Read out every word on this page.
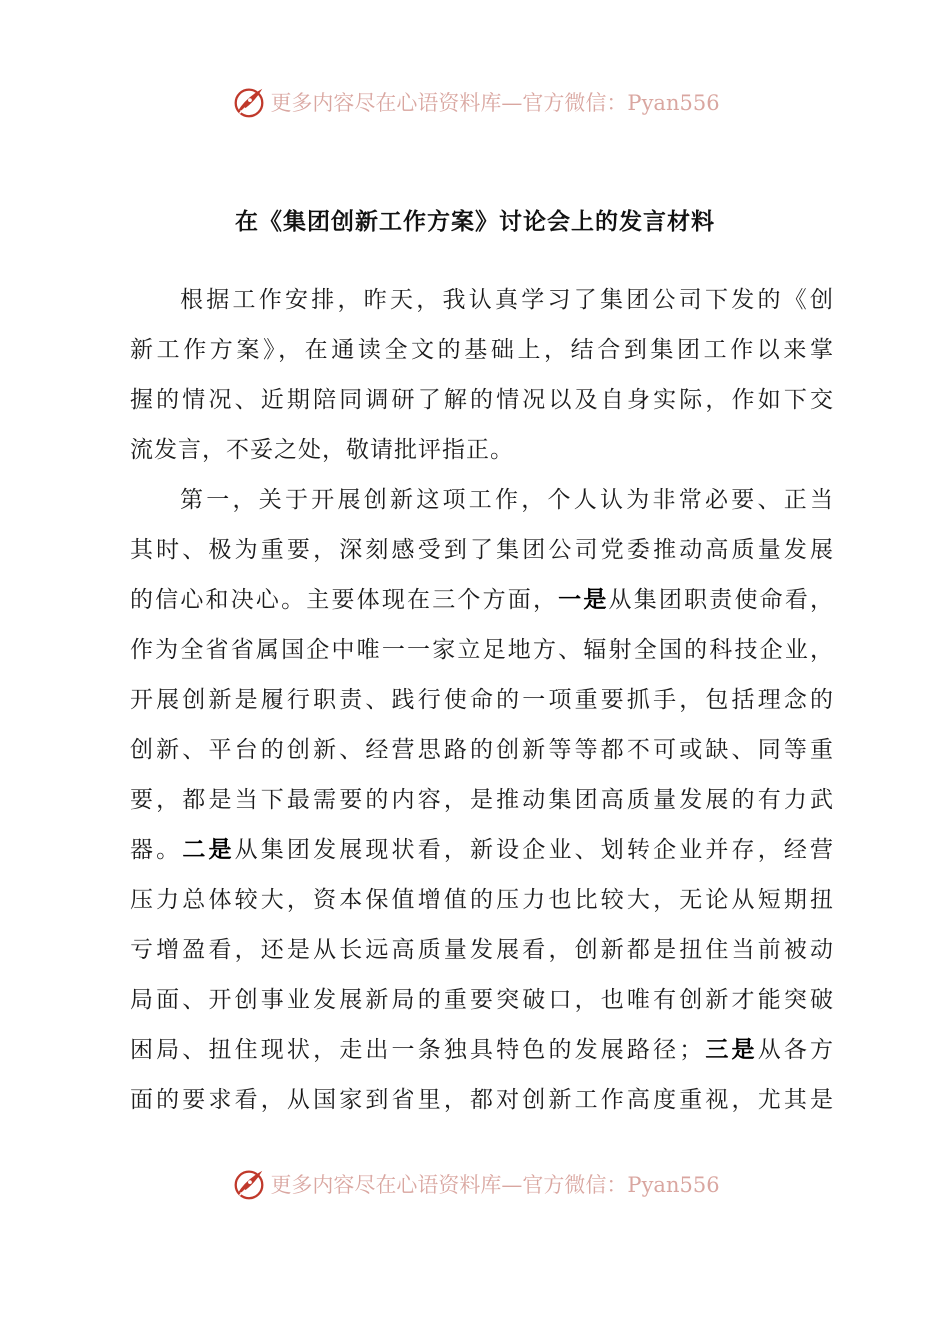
更多内容尽在心语资料库—官方微信：Pyan556
在《集团创新工作方案》讨论会上的发言材料
根据工作安排，昨天，我认真学习了集团公司下发的《创
新工作方案》，在通读全文的基础上，结合到集团工作以来掌
握的情况、近期陪同调研了解的情况以及自身实际，作如下交
流发言，不妥之处，敬请批评指正。
第一，关于开展创新这项工作，个人认为非常必要、正当
其时、极为重要，深刻感受到了集团公司党委推动高质量发展
的信心和决心。主要体现在三个方面，一是从集团职责使命看，
作为全省省属国企中唯一一家立足地方、辐射全国的科技企业，
开展创新是履行职责、践行使命的一项重要抓手，包括理念的
创新、平台的创新、经营思路的创新等等都不可或缺、同等重
要，都是当下最需要的内容，是推动集团高质量发展的有力武
器。二是从集团发展现状看，新设企业、划转企业并存，经营
压力总体较大，资本保值增值的压力也比较大，无论从短期扭
亏增盈看，还是从长远高质量发展看，创新都是扭住当前被动
局面、开创事业发展新局的重要突破口，也唯有创新才能突破
困局、扭住现状，走出一条独具特色的发展路径；三是从各方
面的要求看，从国家到省里，都对创新工作高度重视，尤其是
更多内容尽在心语资料库—官方微信：Pyan556
